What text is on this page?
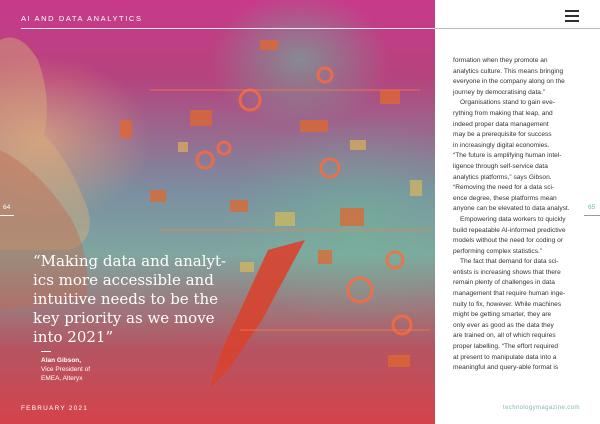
AI AND DATA ANALYTICS
64
“Making data and analyt-
ics more accessible and
intuitive needs to be the
key priority as we move
into 2021”
Alan Gibson,
Vice President of
EMEA, Alteryx
FEBRUARY 2021
formation when they promote an
analytics culture. This means bringing
everyone in the company along on the
journey by democratising data.”
Organisations stand to gain eve-
rything from making that leap, and
indeed proper data management
may be a prerequisite for success
in increasingly digital economies.
“The future is amplifying human intel-
ligence through self-service data
analytics platforms,” says Gibson.
“Removing the need for a data sci-
ence degree, these platforms mean
anyone can be elevated to data analyst.
Empowering data workers to quickly
build repeatable AI-informed predictive
models without the need for coding or
performing complex statistics.”
The fact that demand for data sci-
entists is increasing shows that there
remain plenty of challenges in data
management that require human inge-
nuity to fix, however. While machines
might be getting smarter, they are
only ever as good as the data they
are trained on, all of which requires
proper labelling. “The effort required
at present to manipulate data into a
meaningful and query-able format is
65
technologymagazine.com
